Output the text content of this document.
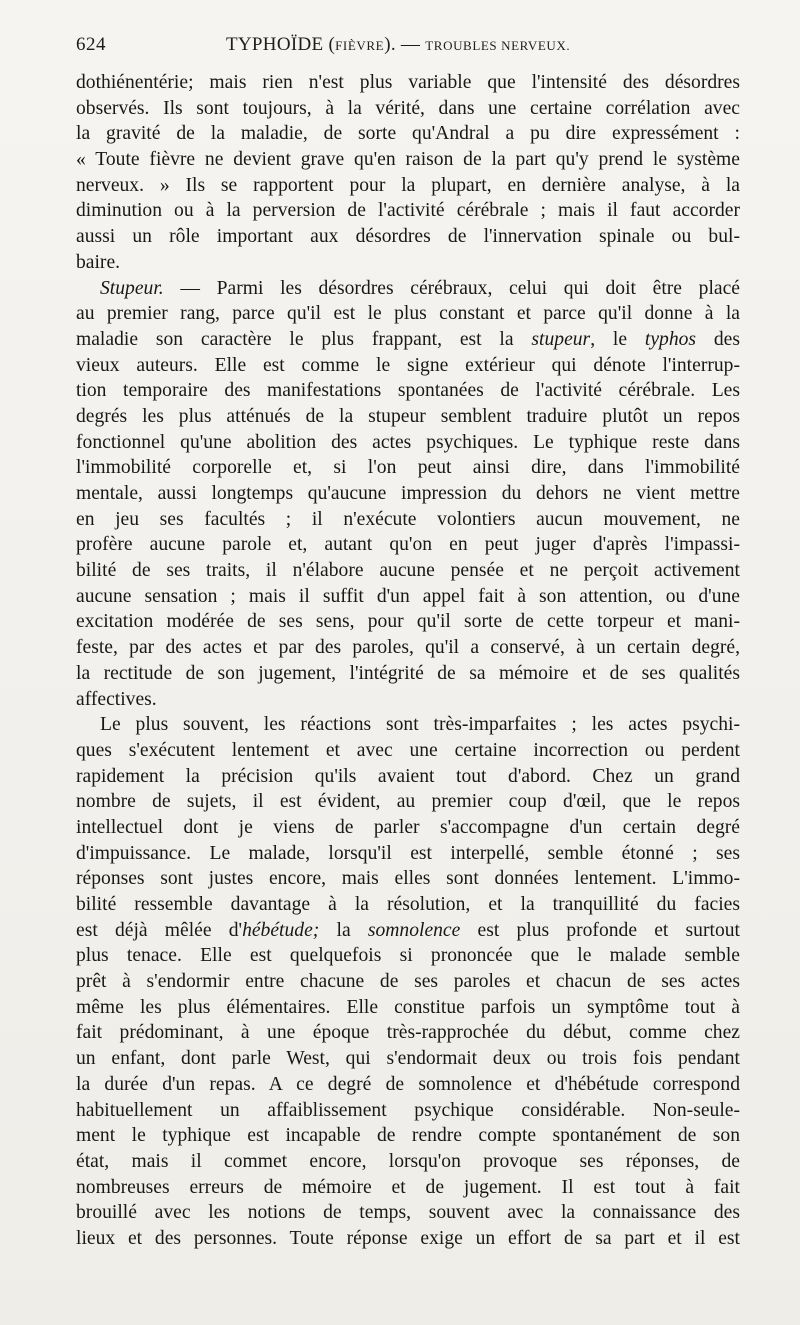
624	TYPHOÏDE (FIÈVRE). — TROUBLES NERVEUX.
dothiénentérie; mais rien n'est plus variable que l'intensité des désordres
observés. Ils sont toujours, à la vérité, dans une certaine corrélation avec
la gravité de la maladie, de sorte qu'Andral a pu dire expressément :
« Toute fièvre ne devient grave qu'en raison de la part qu'y prend le système
nerveux. » Ils se rapportent pour la plupart, en dernière analyse, à la
diminution ou à la perversion de l'activité cérébrale ; mais il faut accorder
aussi un rôle important aux désordres de l'innervation spinale ou bul-
baire.
Stupeur. — Parmi les désordres cérébraux, celui qui doit être placé
au premier rang, parce qu'il est le plus constant et parce qu'il donne à la
maladie son caractère le plus frappant, est la stupeur, le typhos des
vieux auteurs. Elle est comme le signe extérieur qui dénote l'interrup-
tion temporaire des manifestations spontanées de l'activité cérébrale. Les
degrés les plus atténués de la stupeur semblent traduire plutôt un repos
fonctionnel qu'une abolition des actes psychiques. Le typhique reste dans
l'immobilité corporelle et, si l'on peut ainsi dire, dans l'immobilité
mentale, aussi longtemps qu'aucune impression du dehors ne vient mettre
en jeu ses facultés ; il n'exécute volontiers aucun mouvement, ne
profère aucune parole et, autant qu'on en peut juger d'après l'impassi-
bilité de ses traits, il n'élabore aucune pensée et ne perçoit activement
aucune sensation ; mais il suffit d'un appel fait à son attention, ou d'une
excitation modérée de ses sens, pour qu'il sorte de cette torpeur et mani-
feste, par des actes et par des paroles, qu'il a conservé, à un certain degré,
la rectitude de son jugement, l'intégrité de sa mémoire et de ses qualités
affectives.
Le plus souvent, les réactions sont très-imparfaites ; les actes psychi-
ques s'exécutent lentement et avec une certaine incorrection ou perdent
rapidement la précision qu'ils avaient tout d'abord. Chez un grand
nombre de sujets, il est évident, au premier coup d'œil, que le repos
intellectuel dont je viens de parler s'accompagne d'un certain degré
d'impuissance. Le malade, lorsqu'il est interpellé, semble étonné ; ses
réponses sont justes encore, mais elles sont données lentement. L'immo-
bilité ressemble davantage à la résolution, et la tranquillité du facies
est déjà mêlée d'hébétude; la somnolence est plus profonde et surtout
plus tenace. Elle est quelquefois si prononcée que le malade semble
prêt à s'endormir entre chacune de ses paroles et chacun de ses actes
même les plus élémentaires. Elle constitue parfois un symptôme tout à
fait prédominant, à une époque très-rapprochée du début, comme chez
un enfant, dont parle West, qui s'endormait deux ou trois fois pendant
la durée d'un repas. A ce degré de somnolence et d'hébétude correspond
habituellement un affaiblissement psychique considérable. Non-seule-
ment le typhique est incapable de rendre compte spontanément de son
état, mais il commet encore, lorsqu'on provoque ses réponses, de
nombreuses erreurs de mémoire et de jugement. Il est tout à fait
brouillé avec les notions de temps, souvent avec la connaissance des
lieux et des personnes. Toute réponse exige un effort de sa part et il est
